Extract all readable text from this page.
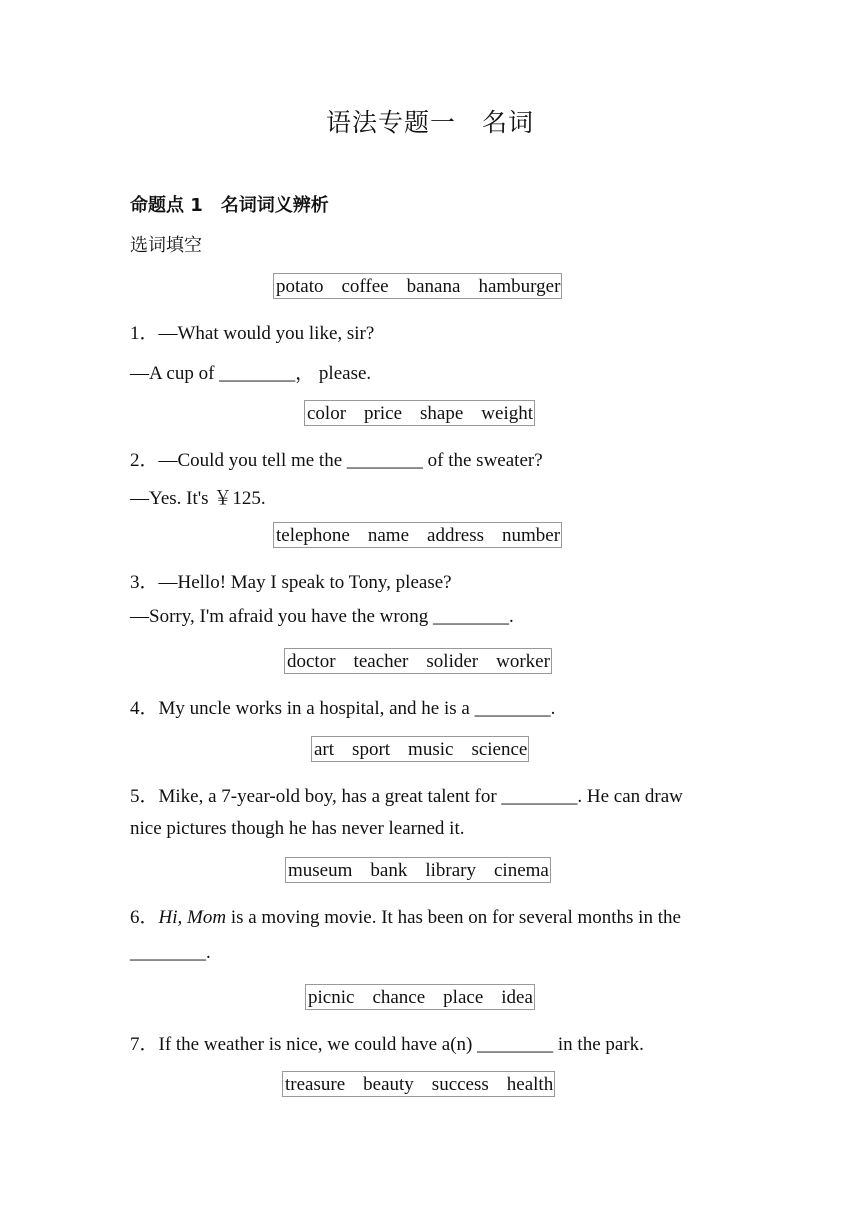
语法专题一　名词
命题点 1　名词词义辨析
选词填空
potato coffee banana hamburger
1．—What would you like, sir?
—A cup of ________， please.
color price shape weight
2．—Could you tell me the ________ of the sweater?
—Yes. It's ￥125.
telephone name address number
3．—Hello! May I speak to Tony, please?
—Sorry, I'm afraid you have the wrong ________.
doctor teacher solider worker
4．My uncle works in a hospital, and he is a ________.
art sport music science
5．Mike, a 7-year-old boy, has a great talent for ________. He can draw
nice pictures though he has never learned it.
museum bank library cinema
6．Hi, Mom is a moving movie. It has been on for several months in the
________.
picnic chance place idea
7．If the weather is nice, we could have a(n) ________ in the park.
treasure beauty success health
